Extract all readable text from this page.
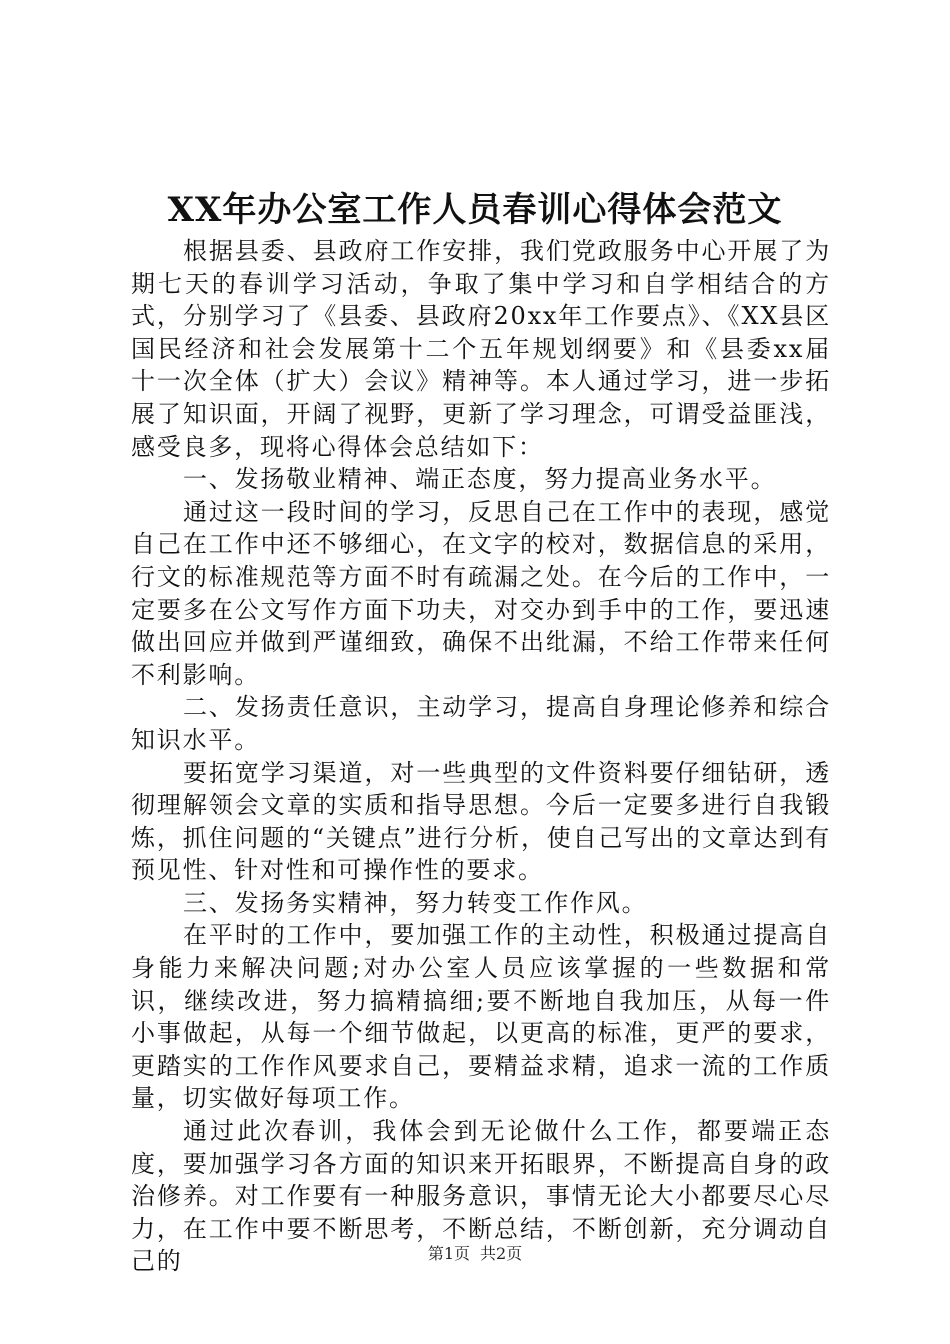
XX年办公室工作人员春训心得体会范文

根据县委、县政府工作安排，我们党政服务中心开展了为期七天的春训学习活动，争取了集中学习和自学相结合的方式，分别学习了《县委、县政府20xx年工作要点》、《XX县区国民经济和社会发展第十二个五年规划纲要》和《县委xx届十一次全体（扩大）会议》精神等。本人通过学习，进一步拓展了知识面，开阔了视野，更新了学习理念，可谓受益匪浅，感受良多，现将心得体会总结如下：

一、发扬敬业精神、端正态度，努力提高业务水平。

通过这一段时间的学习，反思自己在工作中的表现，感觉自己在工作中还不够细心，在文字的校对，数据信息的采用，行文的标准规范等方面不时有疏漏之处。在今后的工作中，一定要多在公文写作方面下功夫，对交办到手中的工作，要迅速做出回应并做到严谨细致，确保不出纰漏，不给工作带来任何不利影响。

二、发扬责任意识，主动学习，提高自身理论修养和综合知识水平。

要拓宽学习渠道，对一些典型的文件资料要仔细钻研，透彻理解领会文章的实质和指导思想。今后一定要多进行自我锻炼，抓住问题的“关键点”进行分析，使自己写出的文章达到有预见性、针对性和可操作性的要求。

三、发扬务实精神，努力转变工作作风。

在平时的工作中，要加强工作的主动性，积极通过提高自身能力来解决问题;对办公室人员应该掌握的一些数据和常识，继续改进，努力搞精搞细;要不断地自我加压，从每一件小事做起，从每一个细节做起，以更高的标准，更严的要求，更踏实的工作作风要求自己，要精益求精，追求一流的工作质量，切实做好每项工作。

通过此次春训，我体会到无论做什么工作，都要端正态度，要加强学习各方面的知识来开拓眼界，不断提高自身的政治修养。对工作要有一种服务意识，事情无论大小都要尽心尽力，在工作中要不断思考，不断总结，不断创新，充分调动自己的	第1页 共2页
